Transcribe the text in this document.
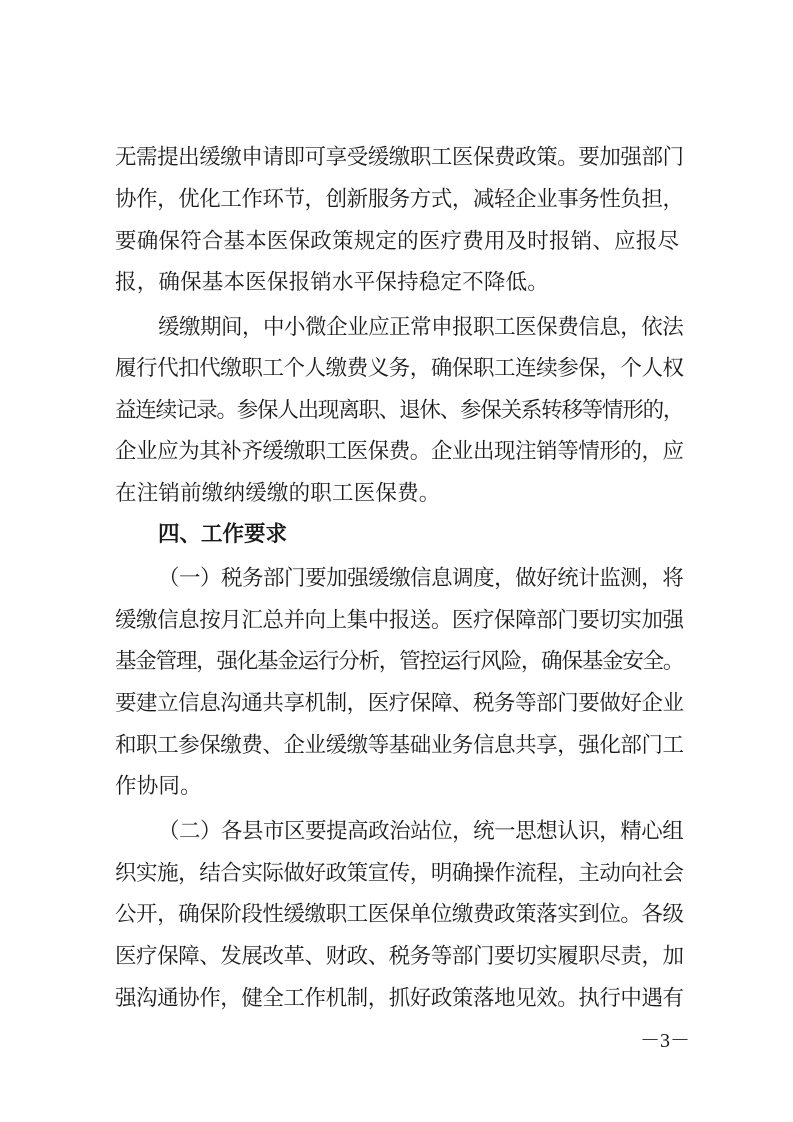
无需提出缓缴申请即可享受缓缴职工医保费政策。要加强部门
协作，优化工作环节，创新服务方式，减轻企业事务性负担，
要确保符合基本医保政策规定的医疗费用及时报销、应报尽
报，确保基本医保报销水平保持稳定不降低。
缓缴期间，中小微企业应正常申报职工医保费信息，依法
履行代扣代缴职工个人缴费义务，确保职工连续参保，个人权
益连续记录。参保人出现离职、退休、参保关系转移等情形的，
企业应为其补齐缓缴职工医保费。企业出现注销等情形的，应
在注销前缴纳缓缴的职工医保费。
四、工作要求
（一）税务部门要加强缓缴信息调度，做好统计监测，将
缓缴信息按月汇总并向上集中报送。医疗保障部门要切实加强
基金管理，强化基金运行分析，管控运行风险，确保基金安全。
要建立信息沟通共享机制，医疗保障、税务等部门要做好企业
和职工参保缴费、企业缓缴等基础业务信息共享，强化部门工
作协同。
（二）各县市区要提高政治站位，统一思想认识，精心组
织实施，结合实际做好政策宣传，明确操作流程，主动向社会
公开，确保阶段性缓缴职工医保单位缴费政策落实到位。各级
医疗保障、发展改革、财政、税务等部门要切实履职尽责，加
强沟通协作，健全工作机制，抓好政策落地见效。执行中遇有
－3－
